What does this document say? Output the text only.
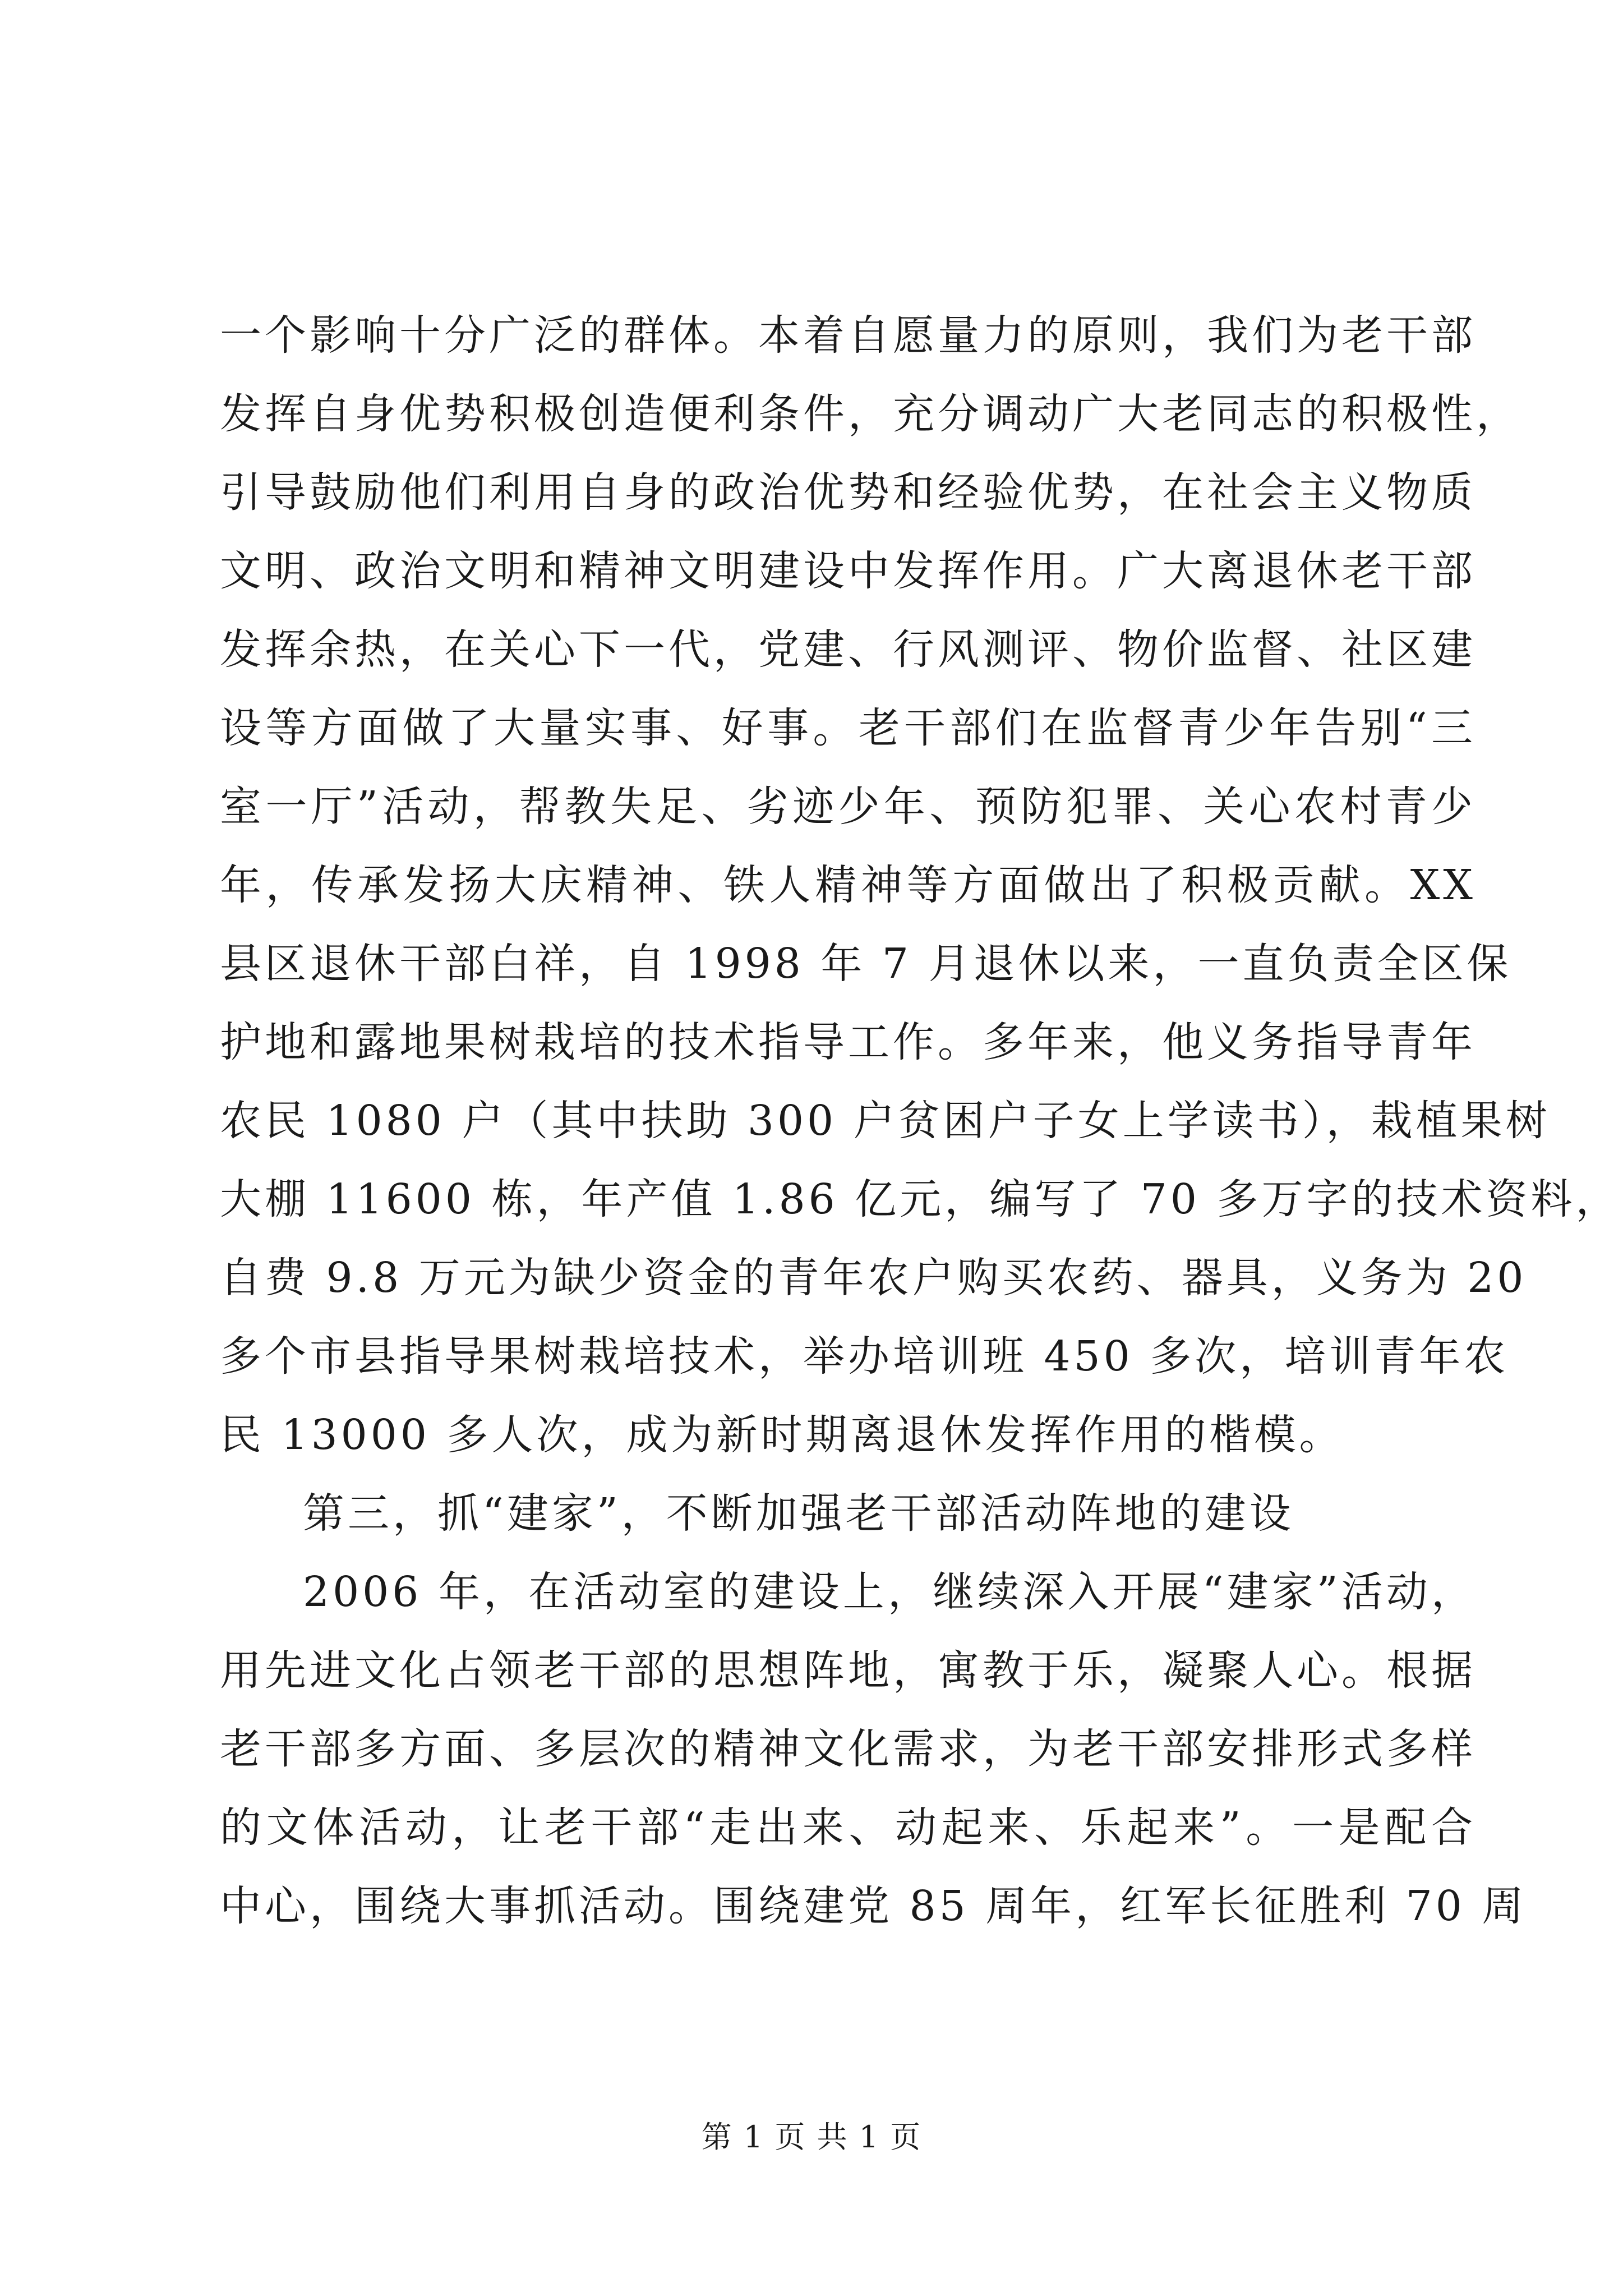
一个影响十分广泛的群体。本着自愿量力的原则，我们为老干部
发挥自身优势积极创造便利条件，充分调动广大老同志的积极性，
引导鼓励他们利用自身的政治优势和经验优势，在社会主义物质
文明、政治文明和精神文明建设中发挥作用。广大离退休老干部
发挥余热，在关心下一代，党建、行风测评、物价监督、社区建
设等方面做了大量实事、好事。老干部们在监督青少年告别“三
室一厅”活动，帮教失足、劣迹少年、预防犯罪、关心农村青少
年，传承发扬大庆精神、铁人精神等方面做出了积极贡献。XX
县区退休干部白祥，自 1998 年 7 月退休以来，一直负责全区保
护地和露地果树栽培的技术指导工作。多年来，他义务指导青年
农民 1080 户（其中扶助 300 户贫困户子女上学读书），栽植果树
大棚 11600 栋，年产值 1.86 亿元，编写了 70 多万字的技术资料，
自费 9.8 万元为缺少资金的青年农户购买农药、器具，义务为 20
多个市县指导果树栽培技术，举办培训班 450 多次，培训青年农
民 13000 多人次，成为新时期离退休发挥作用的楷模。
第三，抓“建家”，不断加强老干部活动阵地的建设
2006 年，在活动室的建设上，继续深入开展“建家”活动，
用先进文化占领老干部的思想阵地，寓教于乐，凝聚人心。根据
老干部多方面、多层次的精神文化需求，为老干部安排形式多样
的文体活动，让老干部“走出来、动起来、乐起来”。一是配合
中心，围绕大事抓活动。围绕建党 85 周年，红军长征胜利 70 周
第 1 页 共 1 页
